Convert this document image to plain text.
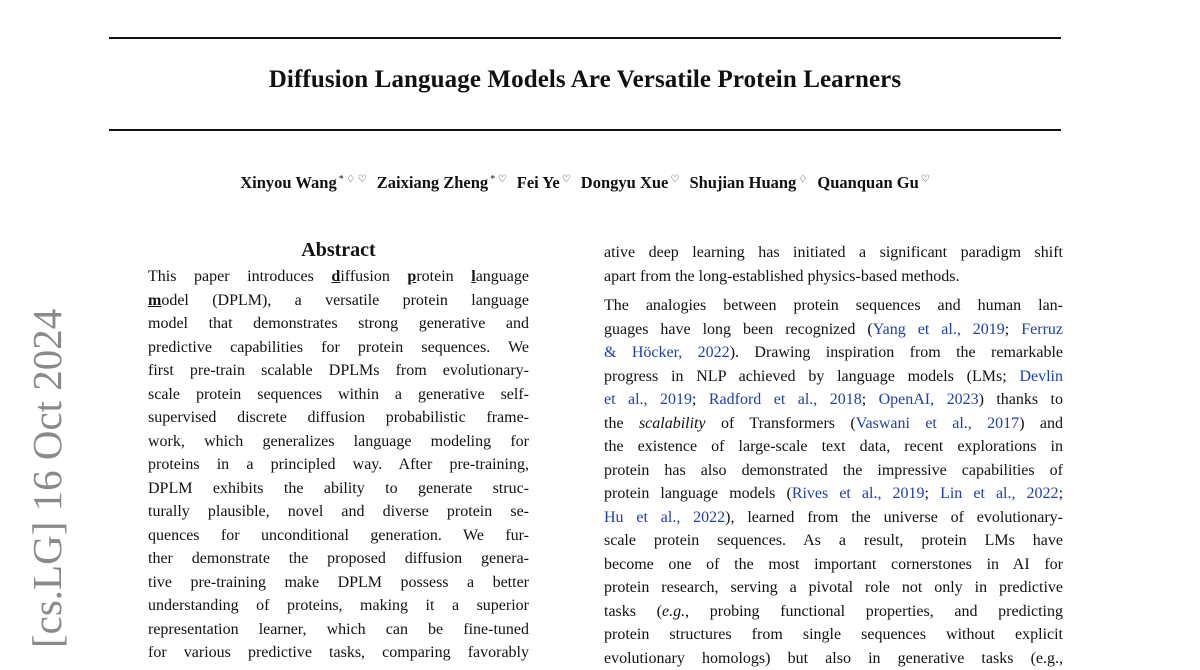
Diffusion Language Models Are Versatile Protein Learners
Xinyou Wang * ♢ ♡ Zaixiang Zheng * ♡ Fei Ye ♡ Dongyu Xue ♡ Shujian Huang ♢ Quanquan Gu ♡
[cs.LG] 16 Oct 2024
Abstract
This paper introduces diffusion protein language
model (DPLM), a versatile protein language
model that demonstrates strong generative and
predictive capabilities for protein sequences. We
first pre-train scalable DPLMs from evolutionary-
scale protein sequences within a generative self-
supervised discrete diffusion probabilistic frame-
work, which generalizes language modeling for
proteins in a principled way. After pre-training,
DPLM exhibits the ability to generate struc-
turally plausible, novel and diverse protein se-
quences for unconditional generation. We fur-
ther demonstrate the proposed diffusion genera-
tive pre-training make DPLM possess a better
understanding of proteins, making it a superior
representation learner, which can be fine-tuned
for various predictive tasks, comparing favorably
ative deep learning has initiated a significant paradigm shift
apart from the long-established physics-based methods.
The analogies between protein sequences and human lan-
guages have long been recognized (Yang et al., 2019; Ferruz
& Höcker, 2022). Drawing inspiration from the remarkable
progress in NLP achieved by language models (LMs; Devlin
et al., 2019; Radford et al., 2018; OpenAI, 2023) thanks to
the scalability of Transformers (Vaswani et al., 2017) and
the existence of large-scale text data, recent explorations in
protein has also demonstrated the impressive capabilities of
protein language models (Rives et al., 2019; Lin et al., 2022;
Hu et al., 2022), learned from the universe of evolutionary-
scale protein sequences. As a result, protein LMs have
become one of the most important cornerstones in AI for
protein research, serving a pivotal role not only in predictive
tasks (e.g., probing functional properties, and predicting
protein structures from single sequences without explicit
evolutionary homologs) but also in generative tasks (e.g.,
